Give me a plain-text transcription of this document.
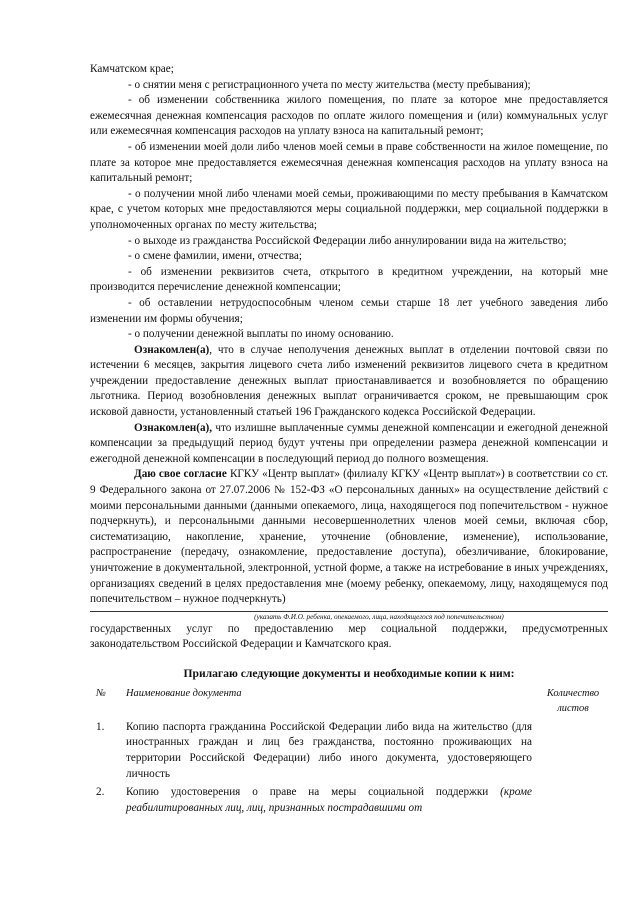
Камчатском крае;

- о снятии меня с регистрационного учета по месту жительства (месту пребывания);

- об изменении собственника жилого помещения, по плате за которое мне предоставляется ежемесячная денежная компенсация расходов по оплате жилого помещения и (или) коммунальных услуг или ежемесячная компенсация расходов на уплату взноса на капитальный ремонт;

- об изменении моей доли либо членов моей семьи в праве собственности на жилое помещение, по плате за которое мне предоставляется ежемесячная денежная компенсация расходов на уплату взноса на капитальный ремонт;

- о получении мной либо членами моей семьи, проживающими по месту пребывания в Камчатском крае, с учетом которых мне предоставляются меры социальной поддержки, мер социальной поддержки в уполномоченных органах по месту жительства;

- о выходе из гражданства Российской Федерации либо аннулировании вида на жительство;

- о смене фамилии, имени, отчества;

- об изменении реквизитов счета, открытого в кредитном учреждении, на который мне производится перечисление денежной компенсации;

- об оставлении нетрудоспособным членом семьи старше 18 лет учебного заведения либо изменении им формы обучения;

- о получении денежной выплаты по иному основанию.

Ознакомлен(а), что в случае неполучения денежных выплат в отделении почтовой связи по истечении 6 месяцев, закрытия лицевого счета либо изменений реквизитов лицевого счета в кредитном учреждении предоставление денежных выплат приостанавливается и возобновляется по обращению льготника. Период возобновления денежных выплат ограничивается сроком, не превышающим срок исковой давности, установленный статьей 196 Гражданского кодекса Российской Федерации.

Ознакомлен(а), что излишне выплаченные суммы денежной компенсации и ежегодной денежной компенсации за предыдущий период будут учтены при определении размера денежной компенсации и ежегодной денежной компенсации в последующий период до полного возмещения.

Даю свое согласие КГКУ «Центр выплат» (филиалу КГКУ «Центр выплат») в соответствии со ст. 9 Федерального закона от 27.07.2006 № 152-ФЗ «О персональных данных» на осуществление действий с моими персональными данными (данными опекаемого, лица, находящегося под попечительством - нужное подчеркнуть), и персональными данными несовершеннолетних членов моей семьи, включая сбор, систематизацию, накопление, хранение, уточнение (обновление, изменение), использование, распространение (передачу, ознакомление, предоставление доступа), обезличивание, блокирование, уничтожение в документальной, электронной, устной форме, а также на истребование в иных учреждениях, организациях сведений в целях предоставления мне (моему ребенку, опекаемому, лицу, находящемуся под попечительством – нужное подчеркнуть)

(указать Ф.И.О. ребенка, опекаемого, лица, находящегося под попечительством)

государственных услуг по предоставлению мер социальной поддержки, предусмотренных законодательством Российской Федерации и Камчатского края.

Прилагаю следующие документы и необходимые копии к ним:
№	Наименование документа	Количество листов
1.	Копию паспорта гражданина Российской Федерации либо вида на жительство (для иностранных граждан и лиц без гражданства, постоянно проживающих на территории Российской Федерации) либо иного документа, удостоверяющего личность	
2.	Копию удостоверения о праве на меры социальной поддержки (кроме реабилитированных лиц, лиц, признанных пострадавшими от	
